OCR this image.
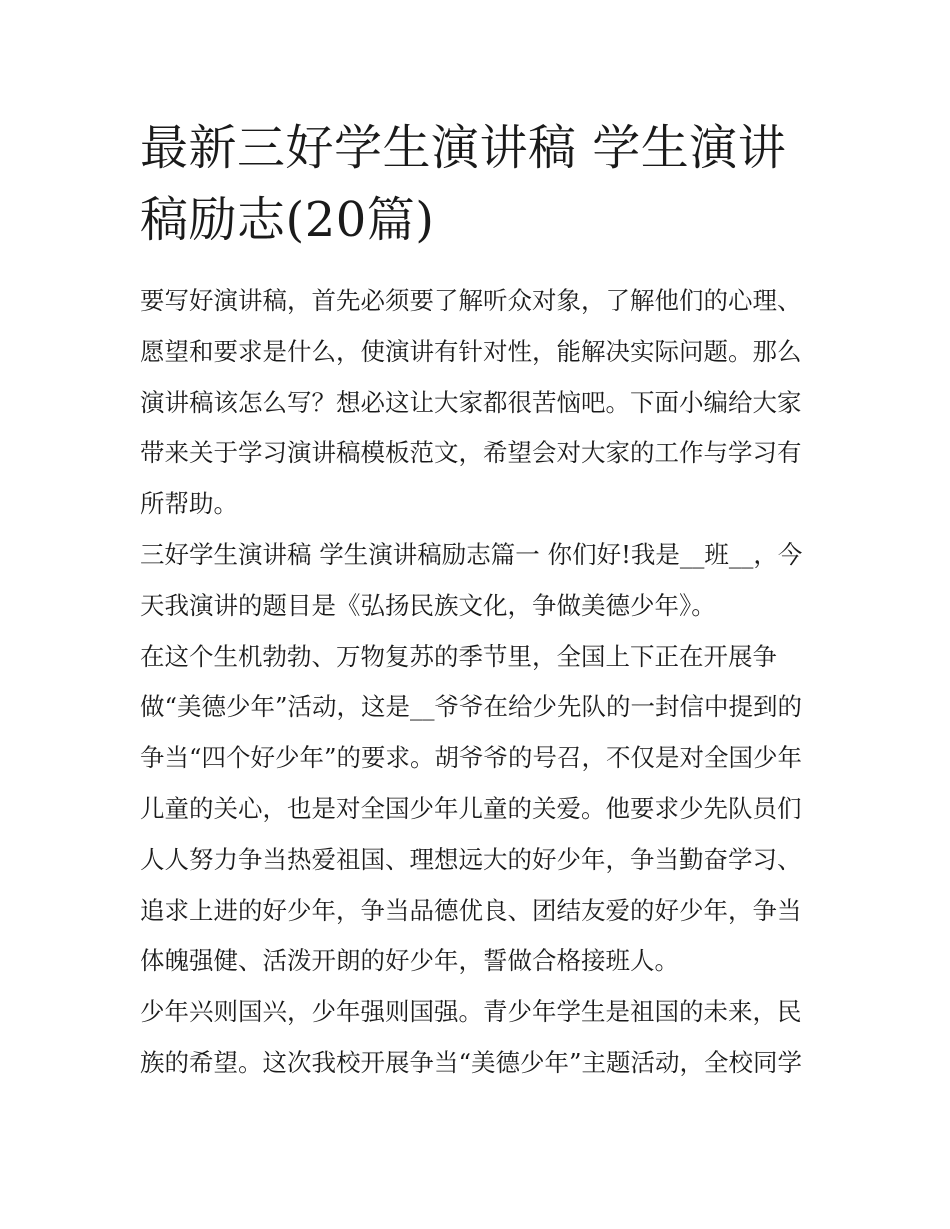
最新三好学生演讲稿 学生演讲
稿励志(20篇)
要写好演讲稿，首先必须要了解听众对象，了解他们的心理、
愿望和要求是什么，使演讲有针对性，能解决实际问题。那么
演讲稿该怎么写？想必这让大家都很苦恼吧。下面小编给大家
带来关于学习演讲稿模板范文，希望会对大家的工作与学习有
所帮助。
三好学生演讲稿 学生演讲稿励志篇一 你们好!我是__班__，今
天我演讲的题目是《弘扬民族文化，争做美德少年》。
在这个生机勃勃、万物复苏的季节里，全国上下正在开展争
做“美德少年”活动，这是__爷爷在给少先队的一封信中提到的
争当“四个好少年”的要求。胡爷爷的号召，不仅是对全国少年
儿童的关心，也是对全国少年儿童的关爱。他要求少先队员们
人人努力争当热爱祖国、理想远大的好少年，争当勤奋学习、
追求上进的好少年，争当品德优良、团结友爱的好少年，争当
体魄强健、活泼开朗的好少年，誓做合格接班人。
少年兴则国兴，少年强则国强。青少年学生是祖国的未来，民
族的希望。这次我校开展争当“美德少年”主题活动，全校同学
